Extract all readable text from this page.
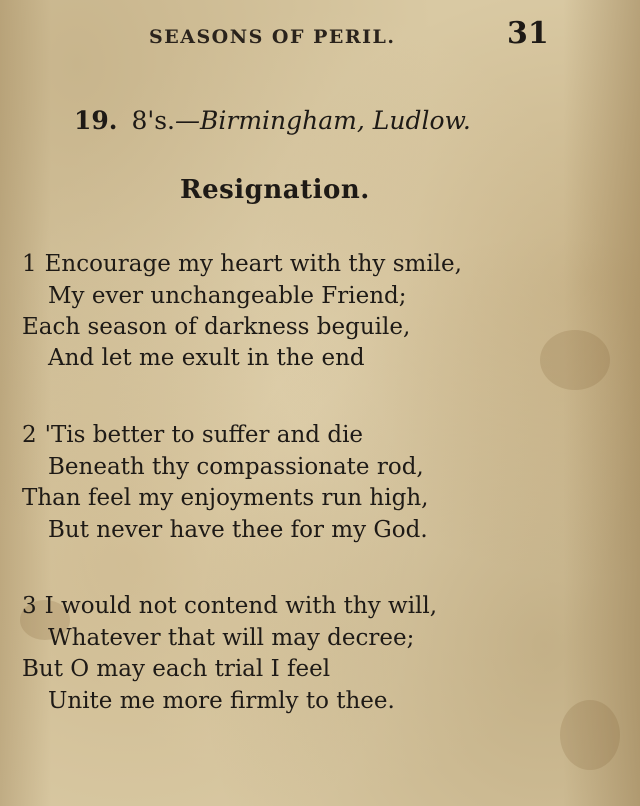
SEASONS OF PERIL.	31
19. 8's.—Birmingham, Ludlow.
Resignation.
1 Encourage my heart with thy smile,
My ever unchangeable Friend;
Each season of darkness beguile,
And let me exult in the end
2 'Tis better to suffer and die
Beneath thy compassionate rod,
Than feel my enjoyments run high,
But never have thee for my God.
3 I would not contend with thy will,
Whatever that will may decree;
But O may each trial I feel
Unite me more firmly to thee.
